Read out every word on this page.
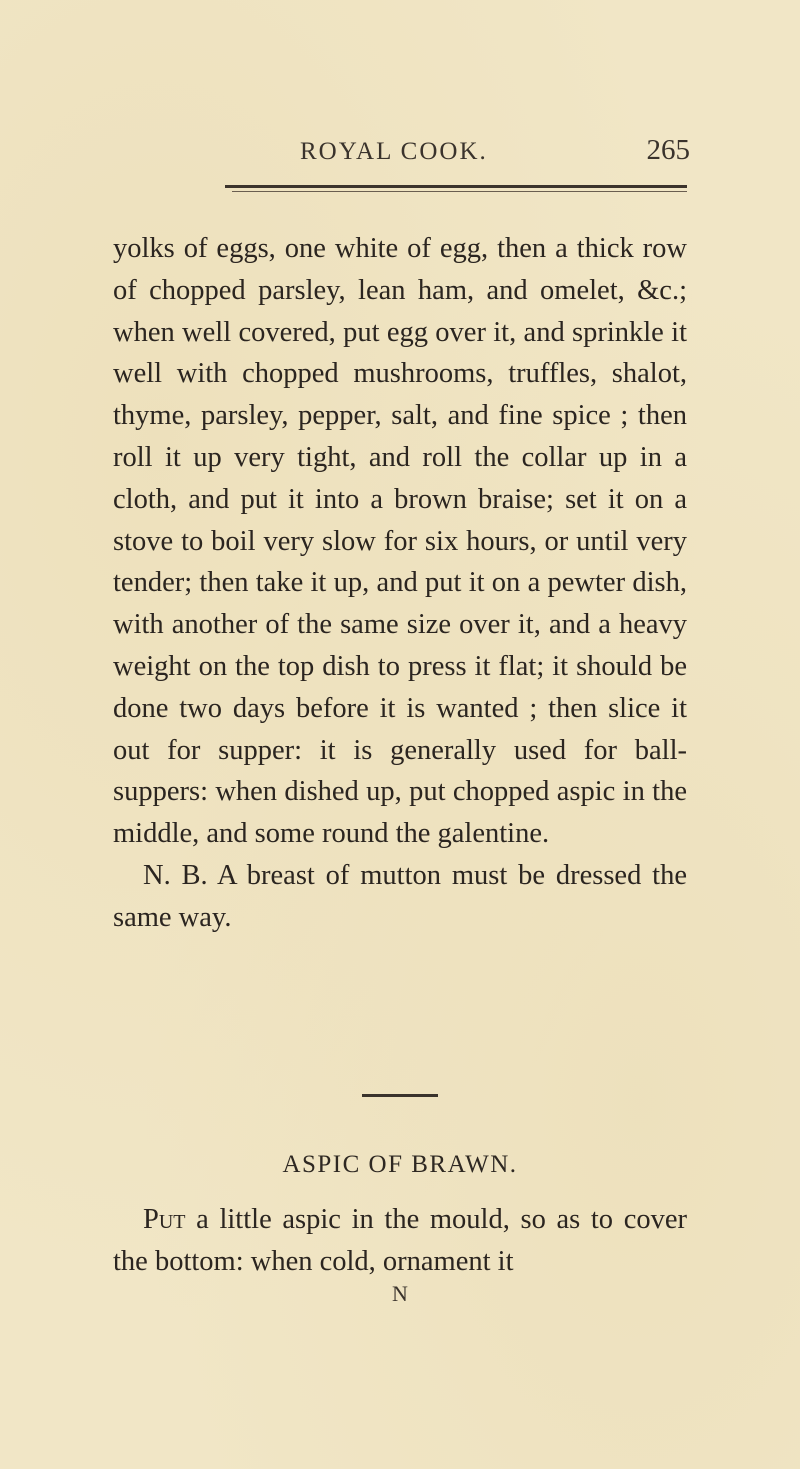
ROYAL COOK.	265

yolks of eggs, one white of egg, then a thick row of chopped parsley, lean ham, and omelet, &c.; when well covered, put egg over it, and sprinkle it well with chopped mushrooms, truffles, shalot, thyme, parsley, pepper, salt, and fine spice ; then roll it up very tight, and roll the collar up in a cloth, and put it into a brown braise; set it on a stove to boil very slow for six hours, or until very tender; then take it up, and put it on a pewter dish, with another of the same size over it, and a heavy weight on the top dish to press it flat; it should be done two days before it is wanted ; then slice it out for supper: it is generally used for ball-suppers: when dished up, put chopped aspic in the middle, and some round the galentine.

N. B. A breast of mutton must be dressed the same way.

ASPIC OF BRAWN.

Put a little aspic in the mould, so as to cover the bottom: when cold, ornament it

N
